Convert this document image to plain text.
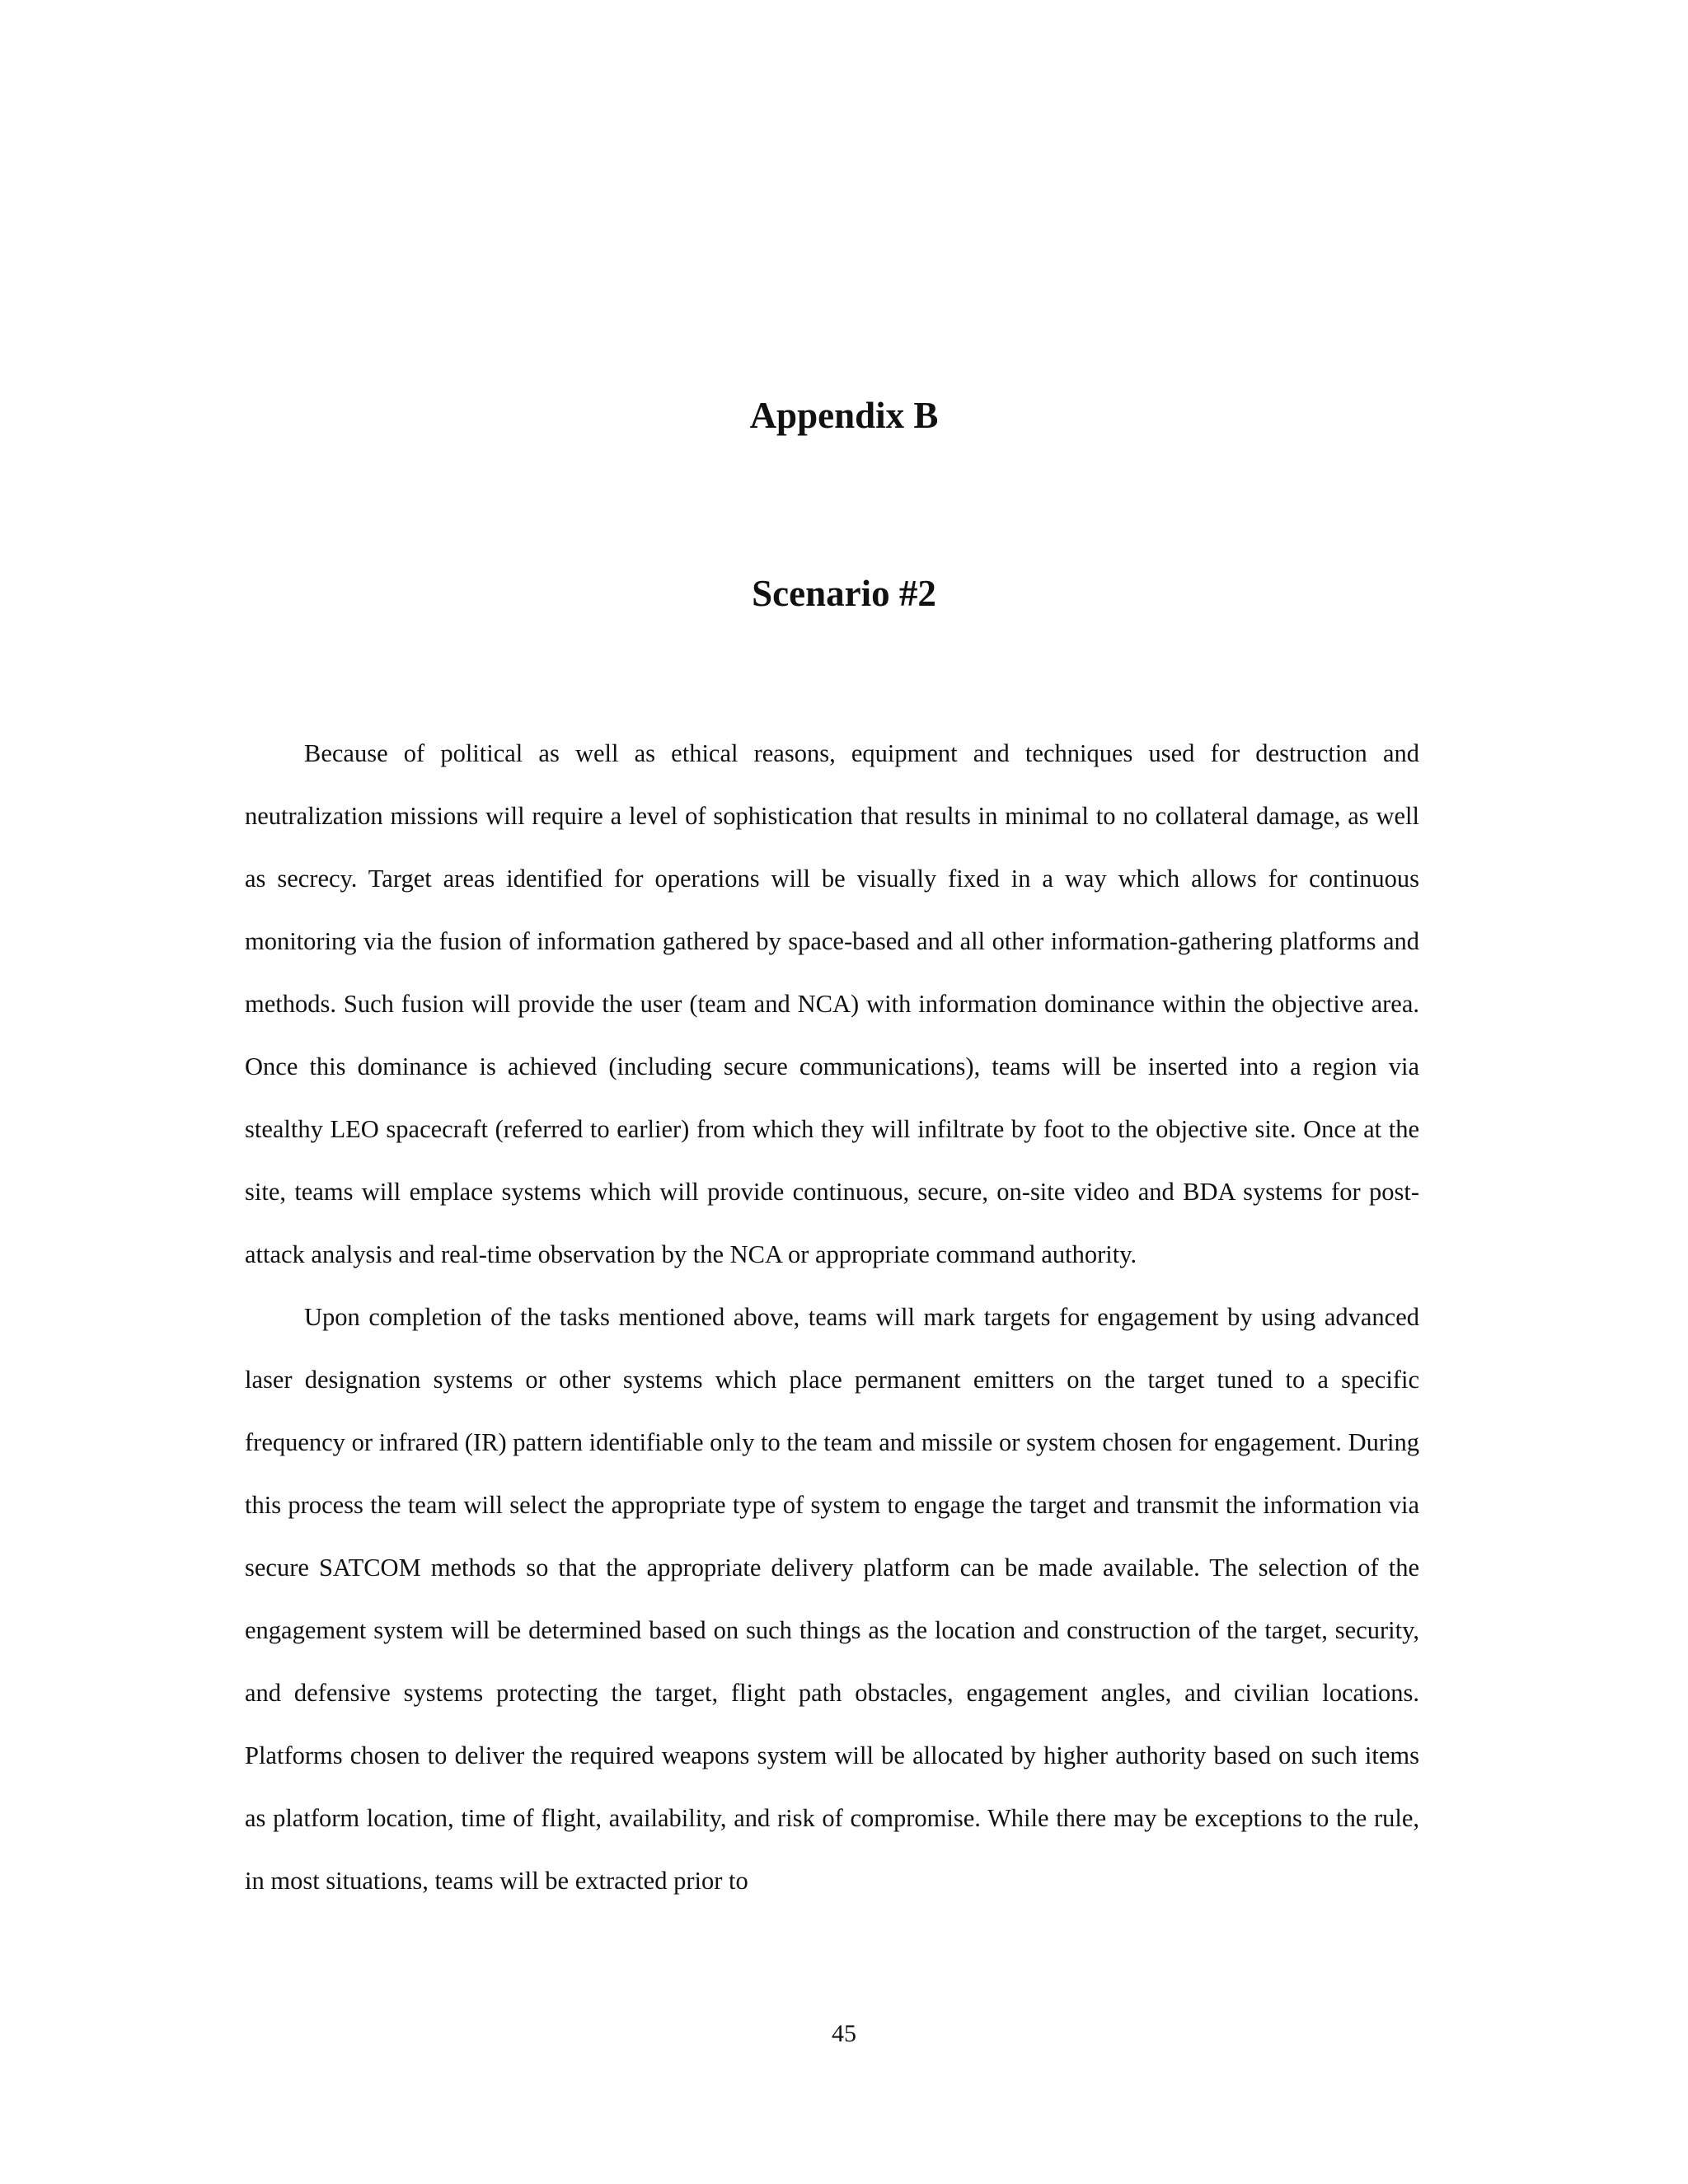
Appendix B
Scenario #2

Because of political as well as ethical reasons, equipment and techniques used for destruction and neutralization missions will require a level of sophistication that results in minimal to no collateral damage, as well as secrecy. Target areas identified for operations will be visually fixed in a way which allows for continuous monitoring via the fusion of information gathered by space-based and all other information-gathering platforms and methods. Such fusion will provide the user (team and NCA) with information dominance within the objective area. Once this dominance is achieved (including secure communications), teams will be inserted into a region via stealthy LEO spacecraft (referred to earlier) from which they will infiltrate by foot to the objective site. Once at the site, teams will emplace systems which will provide continuous, secure, on-site video and BDA systems for post-attack analysis and real-time observation by the NCA or appropriate command authority.

Upon completion of the tasks mentioned above, teams will mark targets for engagement by using advanced laser designation systems or other systems which place permanent emitters on the target tuned to a specific frequency or infrared (IR) pattern identifiable only to the team and missile or system chosen for engagement. During this process the team will select the appropriate type of system to engage the target and transmit the information via secure SATCOM methods so that the appropriate delivery platform can be made available. The selection of the engagement system will be determined based on such things as the location and construction of the target, security, and defensive systems protecting the target, flight path obstacles, engagement angles, and civilian locations. Platforms chosen to deliver the required weapons system will be allocated by higher authority based on such items as platform location, time of flight, availability, and risk of compromise. While there may be exceptions to the rule, in most situations, teams will be extracted prior to

45
